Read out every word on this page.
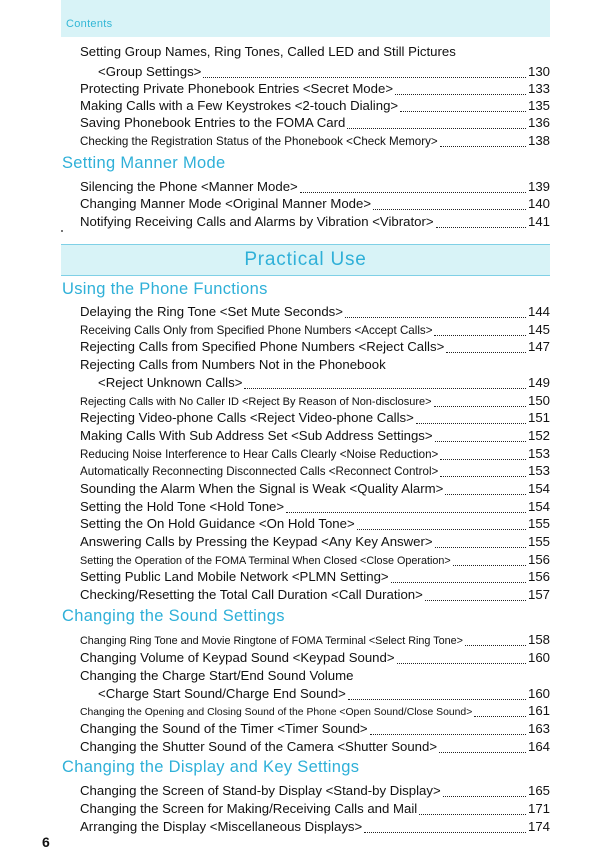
Contents
Setting Group Names, Ring Tones, Called LED and Still Pictures
<Group Settings>	130
Protecting Private Phonebook Entries <Secret Mode>	133
Making Calls with a Few Keystrokes <2-touch Dialing>	135
Saving Phonebook Entries to the FOMA Card	136
Checking the Registration Status of the Phonebook <Check Memory>	138
Setting Manner Mode
Silencing the Phone <Manner Mode>	139
Changing Manner Mode <Original Manner Mode>	140
Notifying Receiving Calls and Alarms by Vibration <Vibrator>	141
Practical Use
Using the Phone Functions
Delaying the Ring Tone <Set Mute Seconds>	144
Receiving Calls Only from Specified Phone Numbers <Accept Calls>	145
Rejecting Calls from Specified Phone Numbers <Reject Calls>	147
Rejecting Calls from Numbers Not in the Phonebook
<Reject Unknown Calls>	149
Rejecting Calls with No Caller ID <Reject By Reason of Non-disclosure>	150
Rejecting Video-phone Calls <Reject Video-phone Calls>	151
Making Calls With Sub Address Set <Sub Address Settings>	152
Reducing Noise Interference to Hear Calls Clearly <Noise Reduction>	153
Automatically Reconnecting Disconnected Calls <Reconnect Control>	153
Sounding the Alarm When the Signal is Weak <Quality Alarm>	154
Setting the Hold Tone <Hold Tone>	154
Setting the On Hold Guidance <On Hold Tone>	155
Answering Calls by Pressing the Keypad <Any Key Answer>	155
Setting the Operation of the FOMA Terminal When Closed <Close Operation>	156
Setting Public Land Mobile Network <PLMN Setting>	156
Checking/Resetting the Total Call Duration <Call Duration>	157
Changing the Sound Settings
Changing Ring Tone and Movie Ringtone of FOMA Terminal <Select Ring Tone>	158
Changing Volume of Keypad Sound <Keypad Sound>	160
Changing the Charge Start/End Sound Volume
<Charge Start Sound/Charge End Sound>	160
Changing the Opening and Closing Sound of the Phone <Open Sound/Close Sound>	161
Changing the Sound of the Timer <Timer Sound>	163
Changing the Shutter Sound of the Camera <Shutter Sound>	164
Changing the Display and Key Settings
Changing the Screen of Stand-by Display <Stand-by Display>	165
Changing the Screen for Making/Receiving Calls and Mail	171
Arranging the Display <Miscellaneous Displays>	174
6
